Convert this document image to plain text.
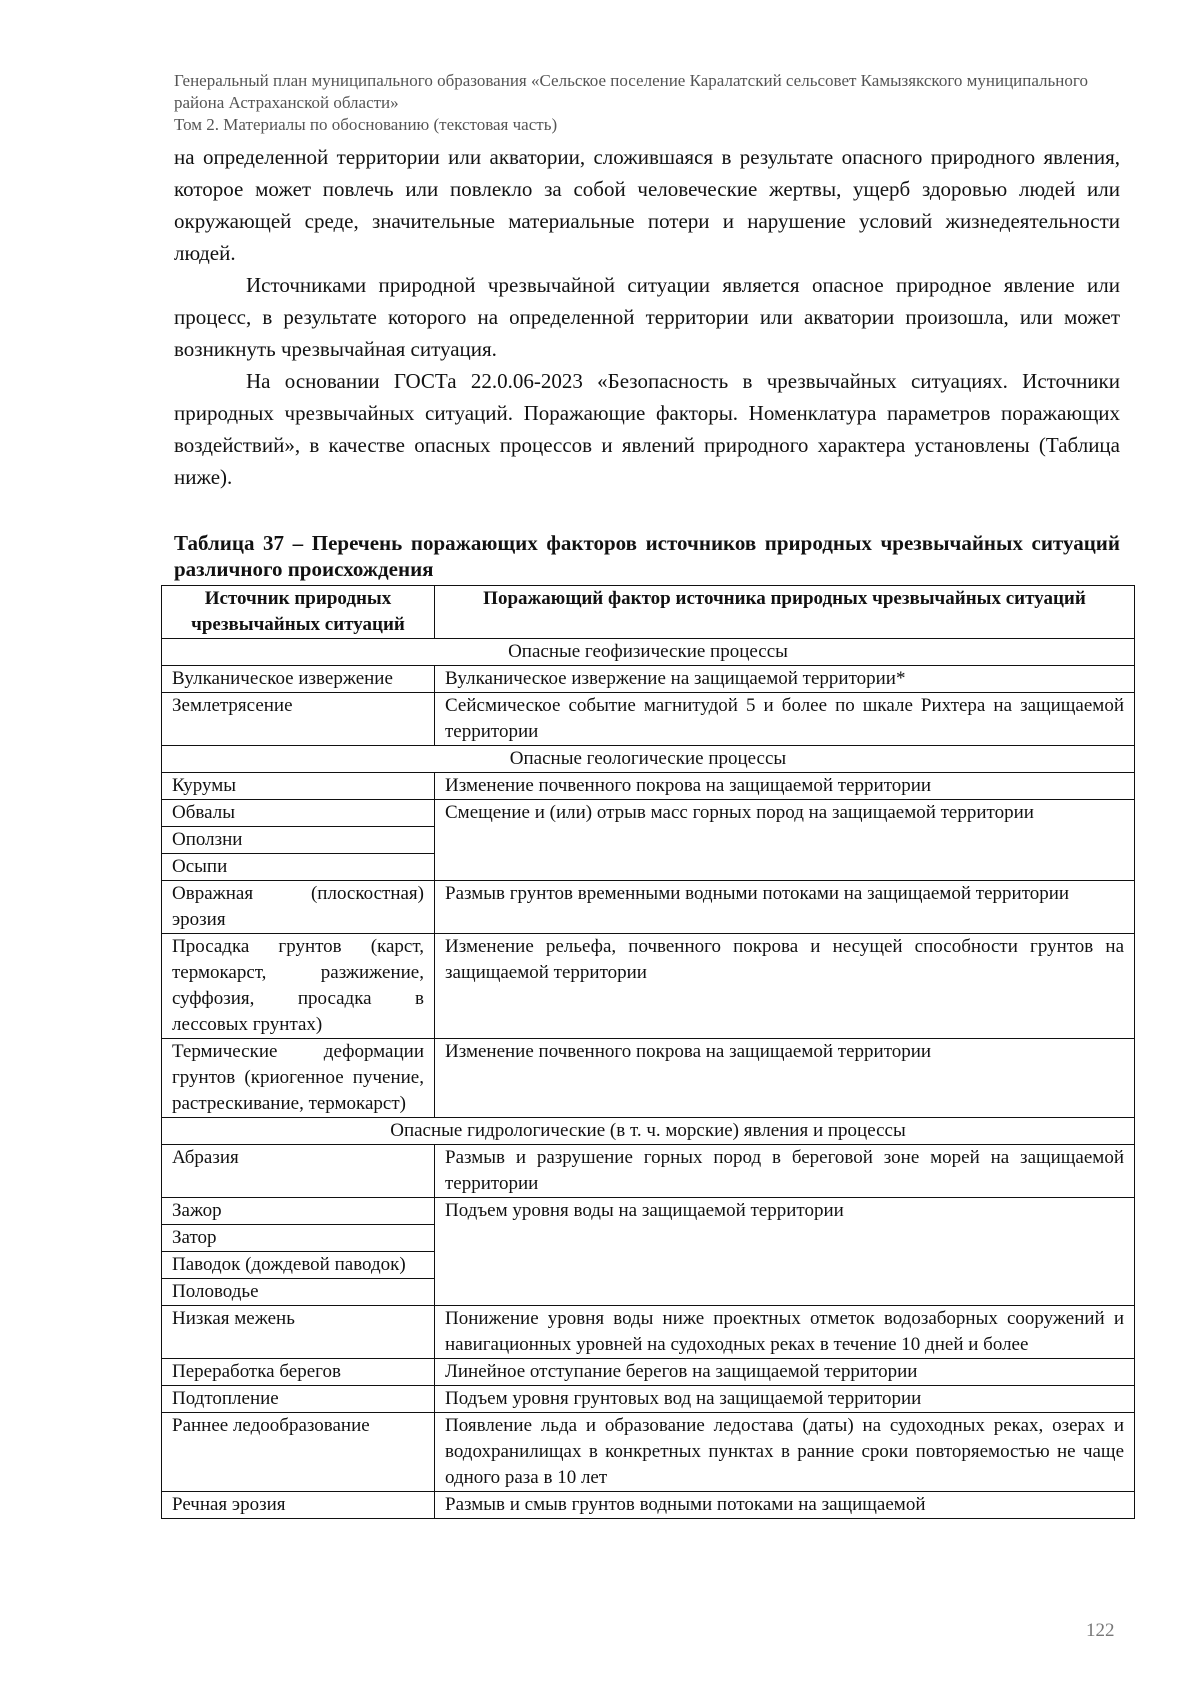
Генеральный план муниципального образования «Сельское поселение Каралатский сельсовет Камызякского муниципального района Астраханской области»
Том 2. Материалы по обоснованию (текстовая часть)

на определенной территории или акватории, сложившаяся в результате опасного природного явления, которое может повлечь или повлекло за собой человеческие жертвы, ущерб здоровью людей или окружающей среде, значительные материальные потери и нарушение условий жизнедеятельности людей.

Источниками природной чрезвычайной ситуации является опасное природное явление или процесс, в результате которого на определенной территории или акватории произошла, или может возникнуть чрезвычайная ситуация.

На основании ГОСТа 22.0.06-2023 «Безопасность в чрезвычайных ситуациях. Источники природных чрезвычайных ситуаций. Поражающие факторы. Номенклатура параметров поражающих воздействий», в качестве опасных процессов и явлений природного характера установлены (Таблица ниже).

Таблица 37 – Перечень поражающих факторов источников природных чрезвычайных ситуаций различного происхождения
Источник природных чрезвычайных ситуаций	Поражающий фактор источника природных чрезвычайных ситуаций
Опасные геофизические процессы	
Вулканическое извержение	Вулканическое извержение на защищаемой территории*
Землетрясение	Сейсмическое событие магнитудой 5 и более по шкале Рихтера на защищаемой территории
Опасные геологические процессы	
Курумы	Изменение почвенного покрова на защищаемой территории
Обвалы	Смещение и (или) отрыв масс горных пород на защищаемой территории
Оползни	
Осыпи	
Овражная (плоскостная) эрозия	Размыв грунтов временными водными потоками на защищаемой территории
Просадка грунтов (карст, термокарст, разжижение, суффозия, просадка в лессовых грунтах)	Изменение рельефа, почвенного покрова и несущей способности грунтов на защищаемой территории
Термические деформации грунтов (криогенное пучение, растрескивание, термокарст)	Изменение почвенного покрова на защищаемой территории
Опасные гидрологические (в т. ч. морские) явления и процессы	
Абразия	Размыв и разрушение горных пород в береговой зоне морей на защищаемой территории
Зажор	Подъем уровня воды на защищаемой территории
Затор	
Паводок (дождевой паводок)	
Половодье	
Низкая межень	Понижение уровня воды ниже проектных отметок водозаборных сооружений и навигационных уровней на судоходных реках в течение 10 дней и более
Переработка берегов	Линейное отступание берегов на защищаемой территории
Подтопление	Подъем уровня грунтовых вод на защищаемой территории
Раннее ледообразование	Появление льда и образование ледостава (даты) на судоходных реках, озерах и водохранилищах в конкретных пунктах в ранние сроки повторяемостью не чаще одного раза в 10 лет
Речная эрозия	Размыв и смыв грунтов водными потоками на защищаемой
122
